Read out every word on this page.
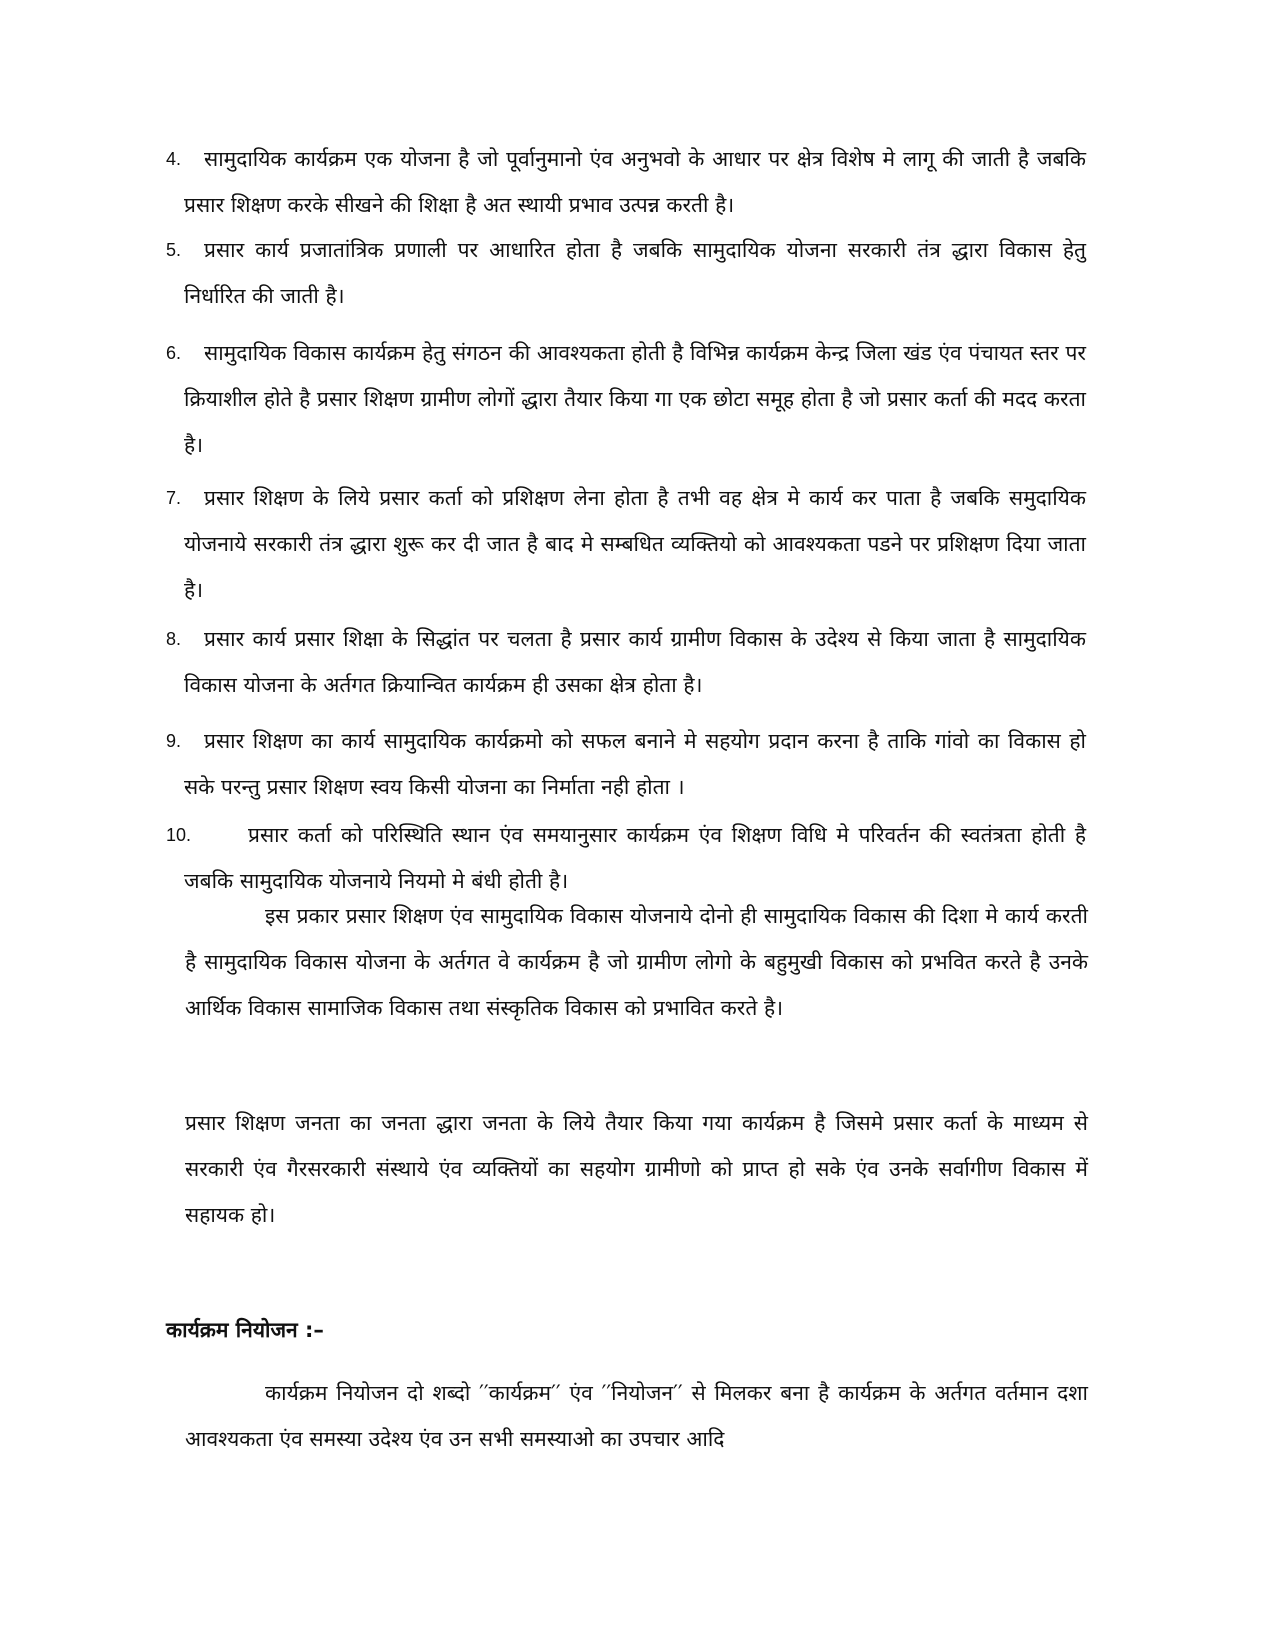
4.	सामुदायिक कार्यक्रम एक योजना है जो पूर्वानुमानो एंव अनुभवो के आधार पर क्षेत्र विशेष मे लागू की जाती है जबकि प्रसार शिक्षण करके सीखने की शिक्षा है अत स्थायी प्रभाव उत्पन्न करती है।
5.	प्रसार कार्य प्रजातांत्रिक प्रणाली पर आधारित होता है जबकि सामुदायिक योजना सरकारी तंत्र द्धारा विकास हेतु निर्धारित की जाती है।
6.	सामुदायिक विकास कार्यक्रम हेतु संगठन की आवश्यकता होती है विभिन्न कार्यक्रम केन्द्र जिला खंड एंव पंचायत स्तर पर क्रियाशील होते है प्रसार शिक्षण ग्रामीण लोगों द्धारा तैयार किया गा एक छोटा समूह होता है जो प्रसार कर्ता की मदद करता है।
7.	प्रसार शिक्षण के लिये प्रसार कर्ता को प्रशिक्षण लेना होता है तभी वह क्षेत्र मे कार्य कर पाता है जबकि समुदायिक योजनाये सरकारी तंत्र द्धारा शुरू कर दी जात है बाद मे सम्बधित व्यक्तियो को आवश्यकता पडने पर प्रशिक्षण दिया जाता है।
8.	प्रसार कार्य प्रसार शिक्षा के सिद्धांत पर चलता है प्रसार कार्य ग्रामीण विकास के उदेश्य से किया जाता है सामुदायिक विकास योजना के अर्तगत क्रियान्वित कार्यक्रम ही उसका क्षेत्र होता है।
9.	प्रसार शिक्षण का कार्य सामुदायिक कार्यक्रमो को सफल बनाने मे सहयोग प्रदान करना है ताकि गांवो का विकास हो सके परन्तु प्रसार शिक्षण स्वय किसी योजना का निर्माता नही होता ।
10.	प्रसार कर्ता को परिस्थिति स्थान एंव समयानुसार कार्यक्रम एंव शिक्षण विधि मे परिवर्तन की स्वतंत्रता होती है जबकि सामुदायिक योजनाये नियमो मे बंधी होती है।

इस प्रकार प्रसार शिक्षण एंव सामुदायिक विकास योजनाये दोनो ही सामुदायिक विकास की दिशा मे कार्य करती है सामुदायिक विकास योजना के अर्तगत वे कार्यक्रम है जो ग्रामीण लोगो के बहुमुखी विकास को प्रभवित करते है उनके आर्थिक विकास सामाजिक विकास तथा संस्कृतिक विकास को प्रभावित करते है।

प्रसार शिक्षण जनता का जनता द्धारा जनता के लिये तैयार किया गया कार्यक्रम है जिसमे प्रसार कर्ता के माध्यम से सरकारी एंव गैरसरकारी संस्थाये एंव व्यक्तियों का सहयोग ग्रामीणो को प्राप्त हो सके एंव उनके सर्वागीण विकास में सहायक हो।

कार्यक्रम नियोजन :–

कार्यक्रम नियोजन दो शब्दो ′′कार्यक्रम′′ एंव ′′नियोजन′′ से मिलकर बना है कार्यक्रम के अर्तगत वर्तमान दशा आवश्यकता एंव समस्या उदेश्य एंव उन सभी समस्याओ का उपचार आदि
